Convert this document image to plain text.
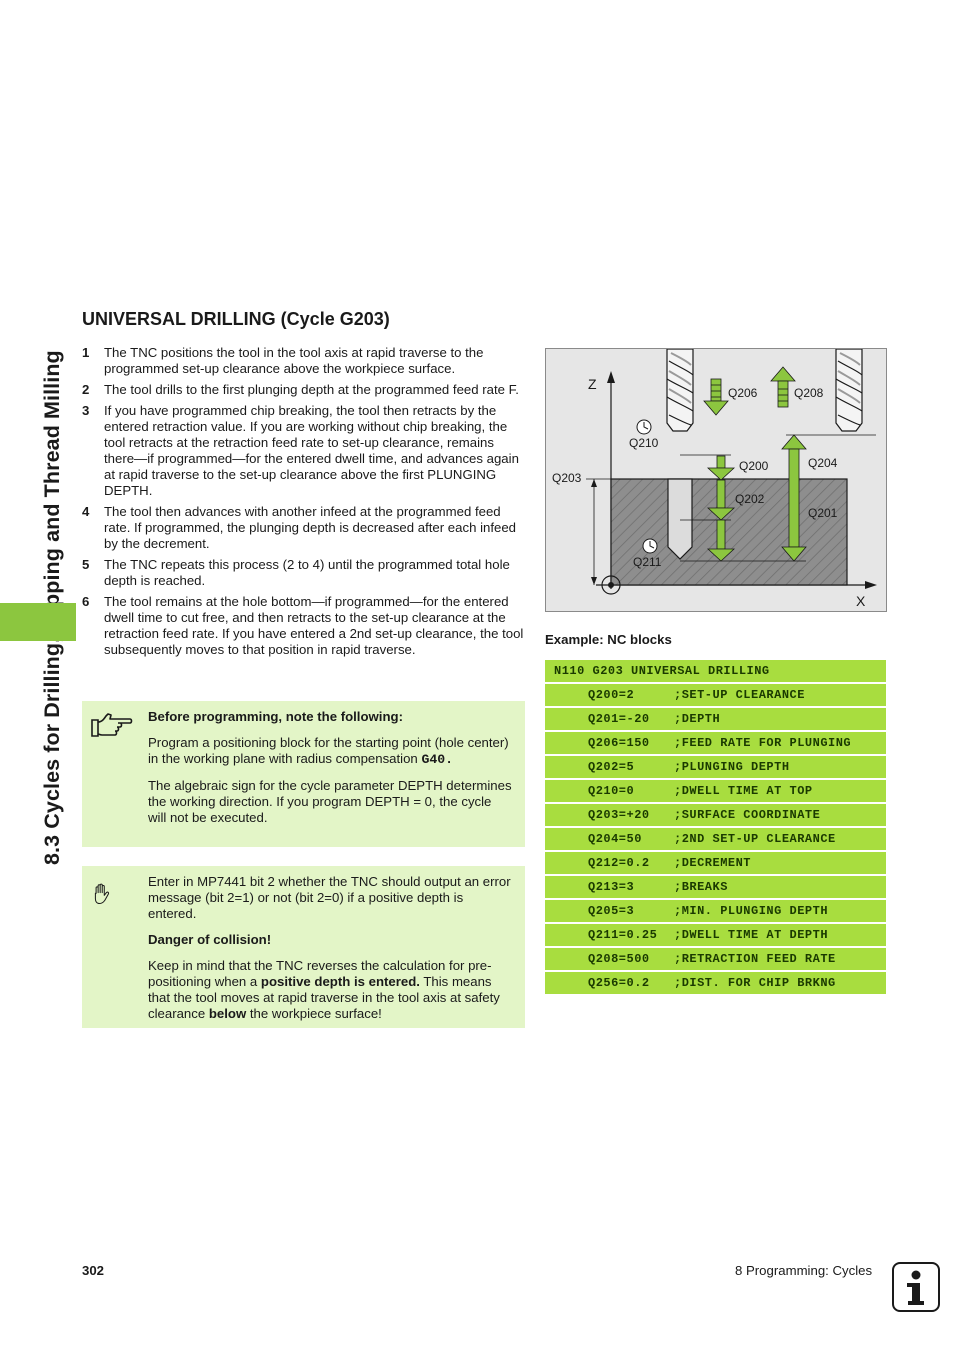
UNIVERSAL DRILLING (Cycle G203)
1	The TNC positions the tool in the tool axis at rapid traverse to the programmed set-up clearance above the workpiece surface.
2	The tool drills to the first plunging depth at the programmed feed rate F.
3	If you have programmed chip breaking, the tool then retracts by the entered retraction value. If you are working without chip breaking, the tool retracts at the retraction feed rate to set-up clearance, remains there—if programmed—for the entered dwell time, and advances again at rapid traverse to the set-up clearance above the first PLUNGING DEPTH.
4	The tool then advances with another infeed at the programmed feed rate. If programmed, the plunging depth is decreased after each infeed by the decrement.
5	The TNC repeats this process (2 to 4) until the programmed total hole depth is reached.
6	The tool remains at the hole bottom—if programmed—for the entered dwell time to cut free, and then retracts to the set-up clearance at the retraction feed rate. If you have entered a 2nd set-up clearance, the tool subsequently moves to that position in rapid traverse.

Before programming, note the following:

Program a positioning block for the starting point (hole center) in the working plane with radius compensation G40.

The algebraic sign for the cycle parameter DEPTH determines the working direction. If you program DEPTH = 0, the cycle will not be executed.

Enter in MP7441 bit 2 whether the TNC should output an error message (bit 2=1) or not (bit 2=0) if a positive depth is entered.

Danger of collision!

Keep in mind that the TNC reverses the calculation for pre-positioning when a positive depth is entered. This means that the tool moves at rapid traverse in the tool axis at safety clearance below the workpiece surface!

Z
X
Q206	Q208
Q210
Q200	Q204
Q203
Q202
Q201
Q211

Example: NC blocks

N110 G203 UNIVERSAL DRILLING
Q200=2	;SET-UP CLEARANCE
Q201=-20	;DEPTH
Q206=150	;FEED RATE FOR PLUNGING
Q202=5	;PLUNGING DEPTH
Q210=0	;DWELL TIME AT TOP
Q203=+20	;SURFACE COORDINATE
Q204=50	;2ND SET-UP CLEARANCE
Q212=0.2	;DECREMENT
Q213=3	;BREAKS
Q205=3	;MIN. PLUNGING DEPTH
Q211=0.25	;DWELL TIME AT DEPTH
Q208=500	;RETRACTION FEED RATE
Q256=0.2	;DIST. FOR CHIP BRKNG
302	8 Programming: Cycles
